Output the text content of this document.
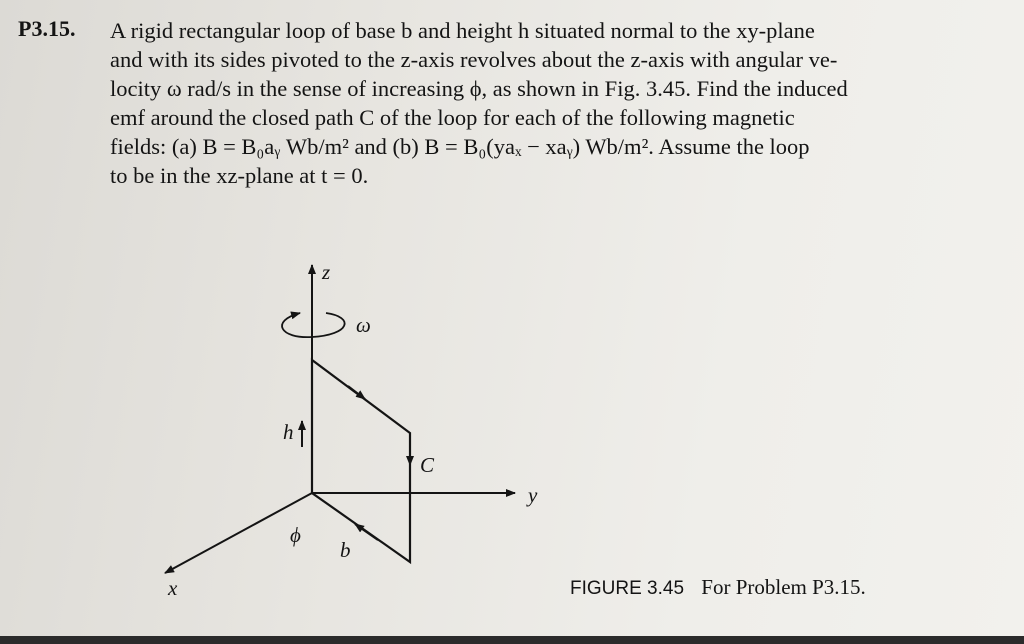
P3.15. A rigid rectangular loop of base b and height h situated normal to the xy-plane
and with its sides pivoted to the z-axis revolves about the z-axis with angular ve-
locity ω rad/s in the sense of increasing ϕ, as shown in Fig. 3.45. Find the induced
emf around the closed path C of the loop for each of the following magnetic
fields: (a) B = B₀aᵧ Wb/m² and (b) B = B₀(yaₓ − xaᵧ) Wb/m². Assume the loop
to be in the xz-plane at t = 0.
z
ω
h
C
y
ϕ
b
x	FIGURE 3.45 For Problem P3.15.
